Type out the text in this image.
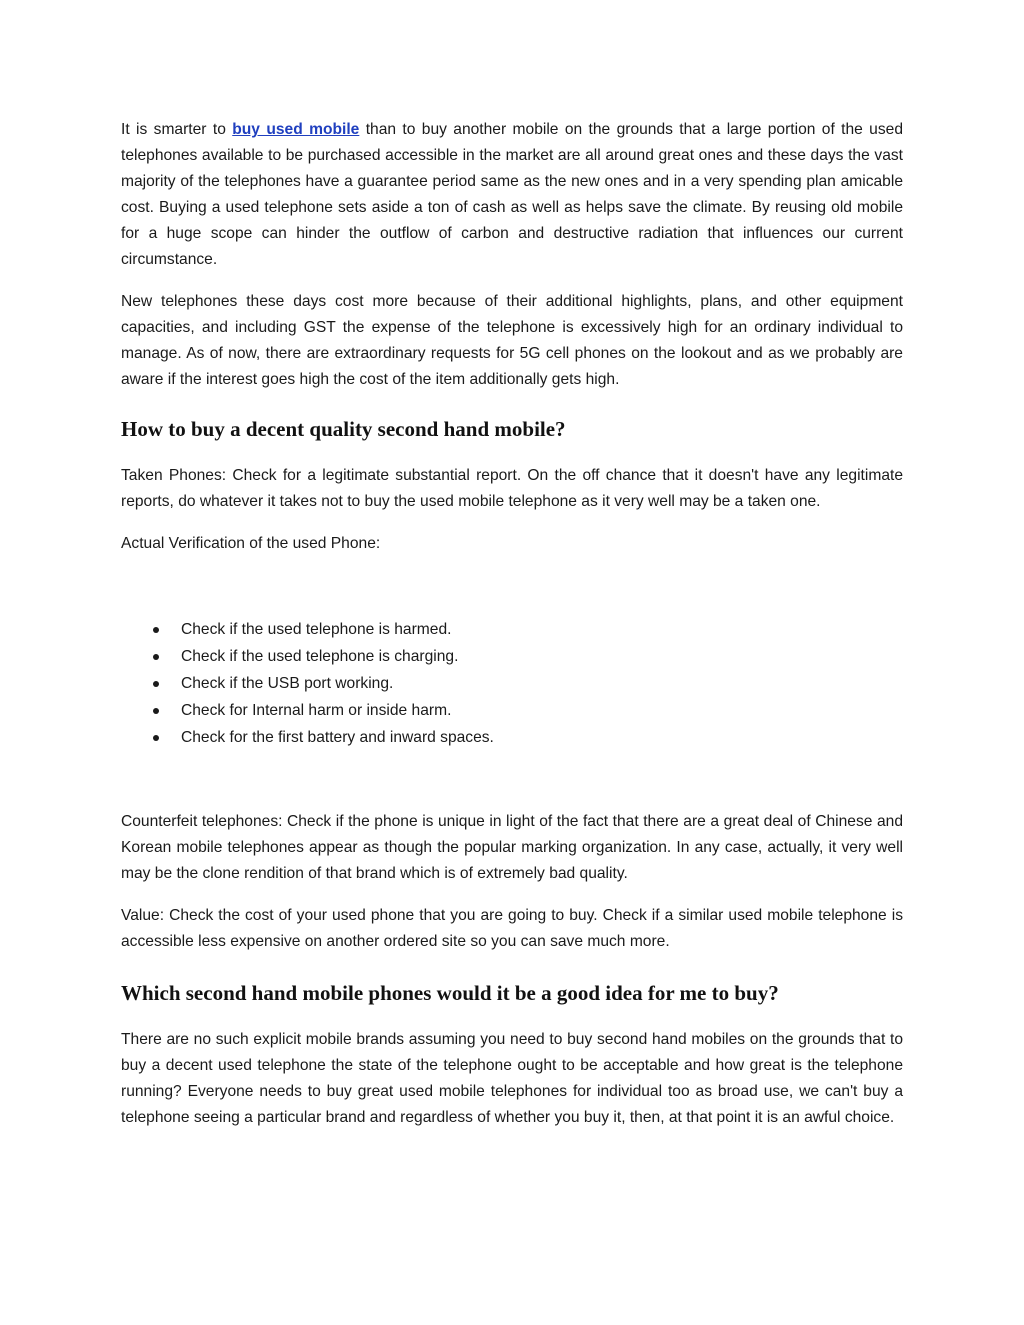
It is smarter to buy used mobile than to buy another mobile on the grounds that a large portion of the used telephones available to be purchased accessible in the market are all around great ones and these days the vast majority of the telephones have a guarantee period same as the new ones and in a very spending plan amicable cost. Buying a used telephone sets aside a ton of cash as well as helps save the climate. By reusing old mobile for a huge scope can hinder the outflow of carbon and destructive radiation that influences our current circumstance.

New telephones these days cost more because of their additional highlights, plans, and other equipment capacities, and including GST the expense of the telephone is excessively high for an ordinary individual to manage. As of now, there are extraordinary requests for 5G cell phones on the lookout and as we probably are aware if the interest goes high the cost of the item additionally gets high.

How to buy a decent quality second hand mobile?

Taken Phones: Check for a legitimate substantial report. On the off chance that it doesn't have any legitimate reports, do whatever it takes not to buy the used mobile telephone as it very well may be a taken one.

Actual Verification of the used Phone:

Check if the used telephone is harmed.
Check if the used telephone is charging.
Check if the USB port working.
Check for Internal harm or inside harm.
Check for the first battery and inward spaces.

Counterfeit telephones: Check if the phone is unique in light of the fact that there are a great deal of Chinese and Korean mobile telephones appear as though the popular marking organization. In any case, actually, it very well may be the clone rendition of that brand which is of extremely bad quality.

Value: Check the cost of your used phone that you are going to buy. Check if a similar used mobile telephone is accessible less expensive on another ordered site so you can save much more.

Which second hand mobile phones would it be a good idea for me to buy?

There are no such explicit mobile brands assuming you need to buy second hand mobiles on the grounds that to buy a decent used telephone the state of the telephone ought to be acceptable and how great is the telephone running? Everyone needs to buy great used mobile telephones for individual too as broad use, we can't buy a telephone seeing a particular brand and regardless of whether you buy it, then, at that point it is an awful choice.
